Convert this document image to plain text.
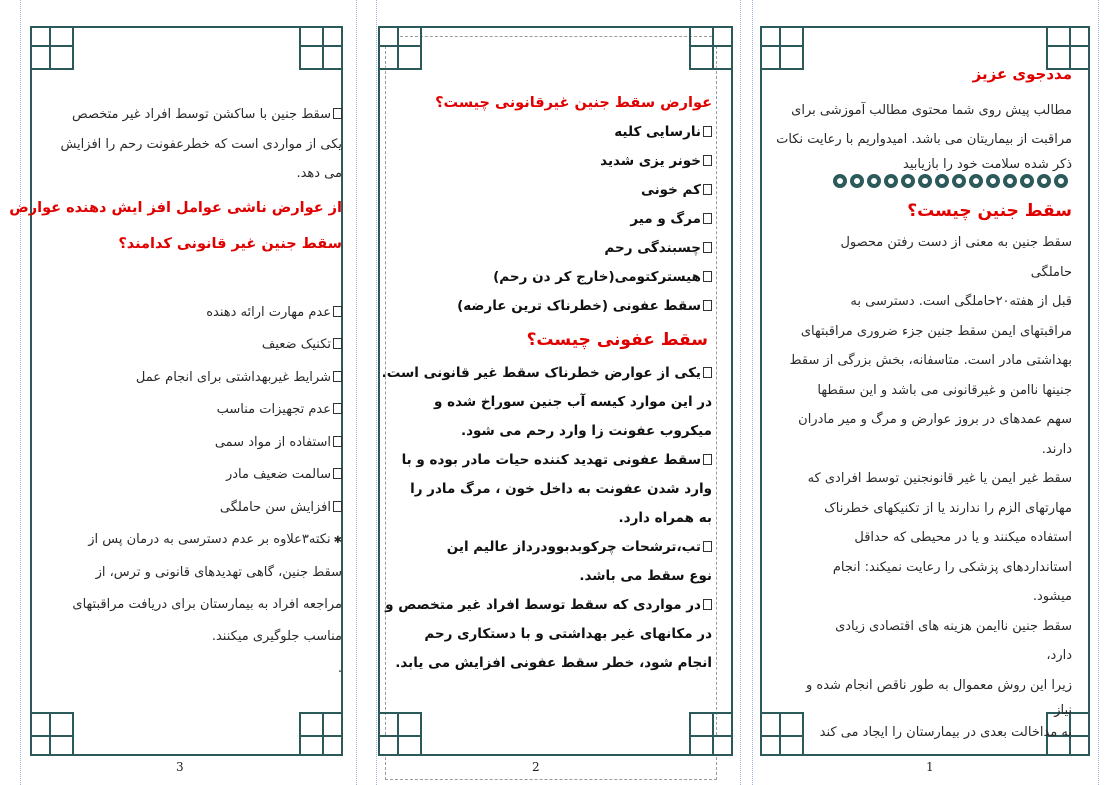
3	2	1
مددجوی عزیز
مطالب پیش روی شما محتوی مطالب آموزشی برای
مراقبت از بیماریتان می باشد. امیدواریم با رعایت نکات
ذکر شده سلامت خود را بازیابید
سقط جنین چیست؟
سقط جنین به معنی از دست رفتن محصول
حاملگی
قبل از هفته۲۰حاملگی است. دسترسی به
مراقبتهای ایمن سقط جنین جزء ضروری مراقبتهای
بهداشتی مادر است. متاسفانه، بخش بزرگی از سقط
جنینها ناامن و غیرقانونی می باشد و این سقطها
سهم عمدهای در بروز عوارض و مرگ و میر مادران
دارند.
سقط غیر ایمن یا غیر قانونجنین توسط افرادی که
مهارتهای الزم را ندارند یا از تکنیکهای خطرناک
استفاده میکنند و یا در محیطی که حداقل
استانداردهای پزشکی را رعایت نمیکند: انجام
میشود.
سقط جنین ناایمن هزینه های اقتصادی زیادی
دارد،
زیرا این روش معموال به طور ناقص انجام شده و
نیاز
به مداخالت بعدی در بیمارستان را ایجاد می کند
عوارض سقط جنین غیرقانونی چیست؟
نارسایی کلیه
خونر یزی شدید
کم خونی
مرگ و میر
چسبندگی رحم
هیسترکتومی(خارج کر دن رحم)
سقط عفونی (خطرناک ترین عارضه)
سقط عفونی چیست؟
یکی از عوارض خطرناک سقط غیر قانونی است.
در این موارد کیسه آب جنین سوراخ شده و
میکروب عفونت زا وارد رحم می شود.
سقط عفونی تهدید کننده حیات مادر بوده و با
وارد شدن عفونت به داخل خون ، مرگ مادر را
به همراه دارد.
تب،ترشحات چرکوبدبوودرداز عالیم این
نوع سقط می باشد.
در مواردی که سقط توسط افراد غیر متخصص و
در مکانهای غیر بهداشتی و با دستکاری رحم
انجام شود، خطر سقط عفونی افزایش می یابد.
سقط جنین با ساکشن توسط افراد غیر متخصص
یکی از مواردی است که خطرعفونت رحم را افزایش
می دهد.
از عوارض ناشی عوامل افز ایش دهنده عوارض
سقط جنین غیر قانونی کدامند؟
عدم مهارت ارائه دهنده
تکنیک ضعیف
شرایط غیربهداشتی برای انجام عمل
عدم تجهیزات مناسب
استفاده از مواد سمی
سالمت ضعیف مادر
افزایش سن حاملگی
✱نکته۳علاوه بر عدم دسترسی به درمان پس از
سقط جنین، گاهی تهدیدهای قانونی و ترس، از
مراجعه افراد به بیمارستان برای دریافت مراقبتهای
مناسب جلوگیری میکنند.
.
